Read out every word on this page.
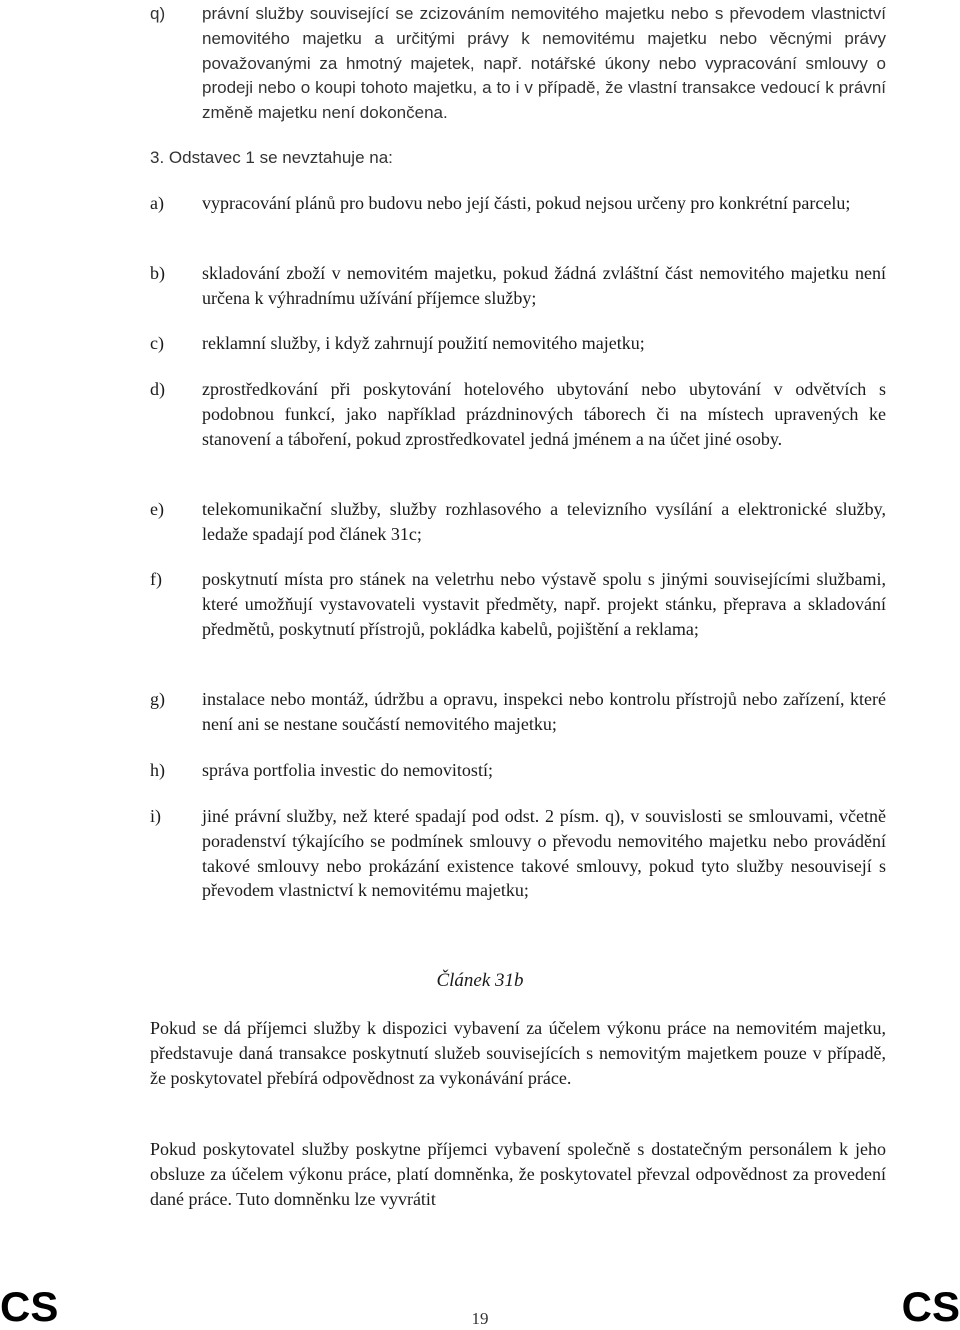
q)	právní služby související se zcizováním nemovitého majetku nebo s převodem vlastnictví nemovitého majetku a určitými právy k nemovitému majetku nebo věcnými právy považovanými za hmotný majetek, např. notářské úkony nebo vypracování smlouvy o prodeji nebo o koupi tohoto majetku, a to i v případě, že vlastní transakce vedoucí k právní změně majetku není dokončena.
3. Odstavec 1 se nevztahuje na:
a)	vypracování plánů pro budovu nebo její části, pokud nejsou určeny pro konkrétní parcelu;
b)	skladování zboží v nemovitém majetku, pokud žádná zvláštní část nemovitého majetku není určena k výhradnímu užívání příjemce služby;
c)	reklamní služby, i když zahrnují použití nemovitého majetku;
d)	zprostředkování při poskytování hotelového ubytování nebo ubytování v odvětvích s podobnou funkcí, jako například prázdninových táborech či na místech upravených ke stanovení a táboření, pokud zprostředkovatel jedná jménem a na účet jiné osoby.
e)	telekomunikační služby, služby rozhlasového a televizního vysílání a elektronické služby, ledaže spadají pod článek 31c;
f)	poskytnutí místa pro stánek na veletrhu nebo výstavě spolu s jinými souvisejícími službami, které umožňují vystavovateli vystavit předměty, např. projekt stánku, přeprava a skladování předmětů, poskytnutí přístrojů, pokládka kabelů, pojištění a reklama;
g)	instalace nebo montáž, údržbu a opravu, inspekci nebo kontrolu přístrojů nebo zařízení, které není ani se nestane součástí nemovitého majetku;
h)	správa portfolia investic do nemovitostí;
i)	jiné právní služby, než které spadají pod odst. 2 písm. q), v souvislosti se smlouvami, včetně poradenství týkajícího se podmínek smlouvy o převodu nemovitého majetku nebo provádění takové smlouvy nebo prokázání existence takové smlouvy, pokud tyto služby nesouvisejí s převodem vlastnictví k nemovitému majetku;
Článek 31b
Pokud se dá příjemci služby k dispozici vybavení za účelem výkonu práce na nemovitém majetku, představuje daná transakce poskytnutí služeb souvisejících s nemovitým majetkem pouze v případě, že poskytovatel přebírá odpovědnost za vykonávání práce.
Pokud poskytovatel služby poskytne příjemci vybavení společně s dostatečným personálem k jeho obsluze za účelem výkonu práce, platí domněnka, že poskytovatel převzal odpovědnost za provedení dané práce. Tuto domněnku lze vyvrátit
CS	19	CS
